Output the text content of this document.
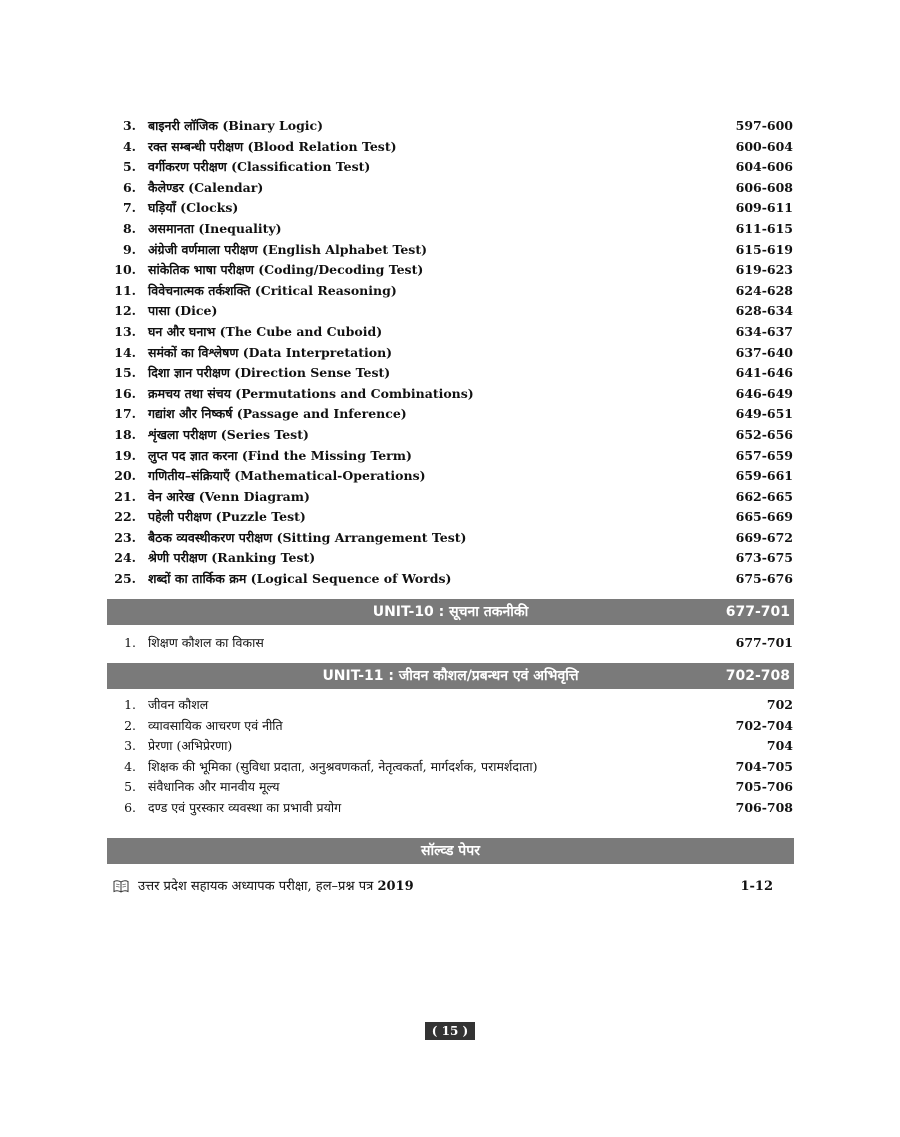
3. बाइनरी लॉजिक (Binary Logic)	597-600
4. रक्त सम्बन्धी परीक्षण (Blood Relation Test)	600-604
5. वर्गीकरण परीक्षण (Classification Test)	604-606
6. कैलेण्डर (Calendar)	606-608
7. घड़ियाँ (Clocks)	609-611
8. असमानता (Inequality)	611-615
9. अंग्रेजी वर्णमाला परीक्षण (English Alphabet Test)	615-619
10. सांकेतिक भाषा परीक्षण (Coding/Decoding Test)	619-623
11. विवेचनात्मक तर्कशक्ति (Critical Reasoning)	624-628
12. पासा (Dice)	628-634
13. घन और घनाभ (The Cube and Cuboid)	634-637
14. समंकों का विश्लेषण (Data Interpretation)	637-640
15. दिशा ज्ञान परीक्षण (Direction Sense Test)	641-646
16. क्रमचय तथा संचय (Permutations and Combinations)	646-649
17. गद्यांश और निष्कर्ष (Passage and Inference)	649-651
18. शृंखला परीक्षण (Series Test)	652-656
19. लुप्त पद ज्ञात करना (Find the Missing Term)	657-659
20. गणितीय–संक्रियाएँ (Mathematical-Operations)	659-661
21. वेन आरेख (Venn Diagram)	662-665
22. पहेली परीक्षण (Puzzle Test)	665-669
23. बैठक व्यवस्थीकरण परीक्षण (Sitting Arrangement Test)	669-672
24. श्रेणी परीक्षण (Ranking Test)	673-675
25. शब्दों का तार्किक क्रम (Logical Sequence of Words)	675-676
UNIT-10 : सूचना तकनीकी	677-701
1. शिक्षण कौशल का विकास	677-701
UNIT-11 : जीवन कौशल/प्रबन्धन एवं अभिवृत्ति	702-708
1. जीवन कौशल	702
2. व्यावसायिक आचरण एवं नीति	702-704
3. प्रेरणा (अभिप्रेरणा)	704
4. शिक्षक की भूमिका (सुविधा प्रदाता, अनुश्रवणकर्ता, नेतृत्वकर्ता, मार्गदर्शक, परामर्शदाता)	704-705
5. संवैधानिक और मानवीय मूल्य	705-706
6. दण्ड एवं पुरस्कार व्यवस्था का प्रभावी प्रयोग	706-708
सॉल्व्ड पेपर
उत्तर प्रदेश सहायक अध्यापक परीक्षा, हल–प्रश्न पत्र 2019	1-12
( 15 )
